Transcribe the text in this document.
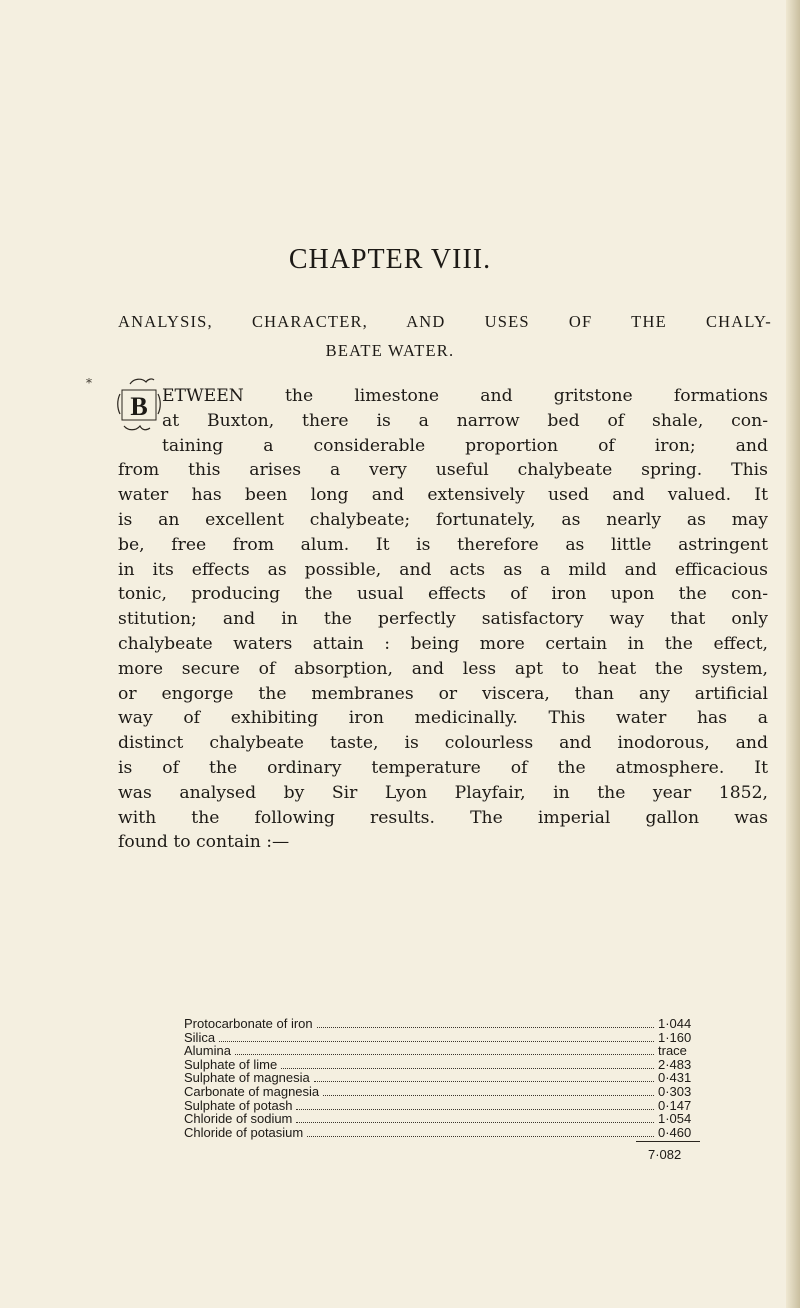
CHAPTER VIII.
ANALYSIS, CHARACTER, AND USES OF THE CHALY-
BEATE WATER.
*
B ETWEEN the limestone and gritstone formations
at Buxton, there is a narrow bed of shale, con-
taining a considerable proportion of iron; and
from this arises a very useful chalybeate spring. This
water has been long and extensively used and valued. It
is an excellent chalybeate; fortunately, as nearly as may
be, free from alum. It is therefore as little astringent
in its effects as possible, and acts as a mild and efficacious
tonic, producing the usual effects of iron upon the con-
stitution; and in the perfectly satisfactory way that only
chalybeate waters attain : being more certain in the effect,
more secure of absorption, and less apt to heat the system,
or engorge the membranes or viscera, than any artificial
way of exhibiting iron medicinally. This water has a
distinct chalybeate taste, is colourless and inodorous, and
is of the ordinary temperature of the atmosphere. It
was analysed by Sir Lyon Playfair, in the year 1852,
with the following results. The imperial gallon was
found to contain :—
Protocarbonate of iron	1·044
Silica	1·160
Alumina	trace
Sulphate of lime	2·483
Sulphate of magnesia	0·431
Carbonate of magnesia	0·303
Sulphate of potash	0·147
Chloride of sodium	1·054
Chloride of potasium	0·460
7·082
